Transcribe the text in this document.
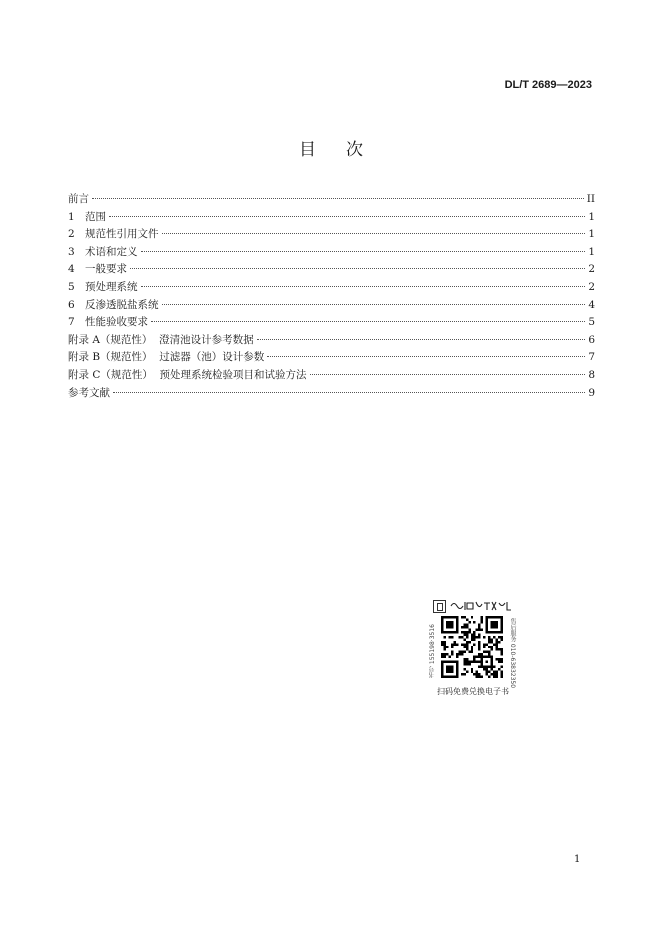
DL/T 2689—2023
目次
前言	II
1 范围	1
2 规范性引用文件	1
3 术语和定义	1
4 一般要求	2
5 预处理系统	2
6 反渗透脱盐系统	4
7 性能验收要求	5
附录 A（规范性）  澄清池设计参考数据	6
附录 B（规范性）  过滤器（池）设计参数	7
附录 C（规范性）  预处理系统检验项目和试验方法	8
参考文献	9
书号 155198·3516	售后服务 010-63832350
扫码免费兑换电子书
1
